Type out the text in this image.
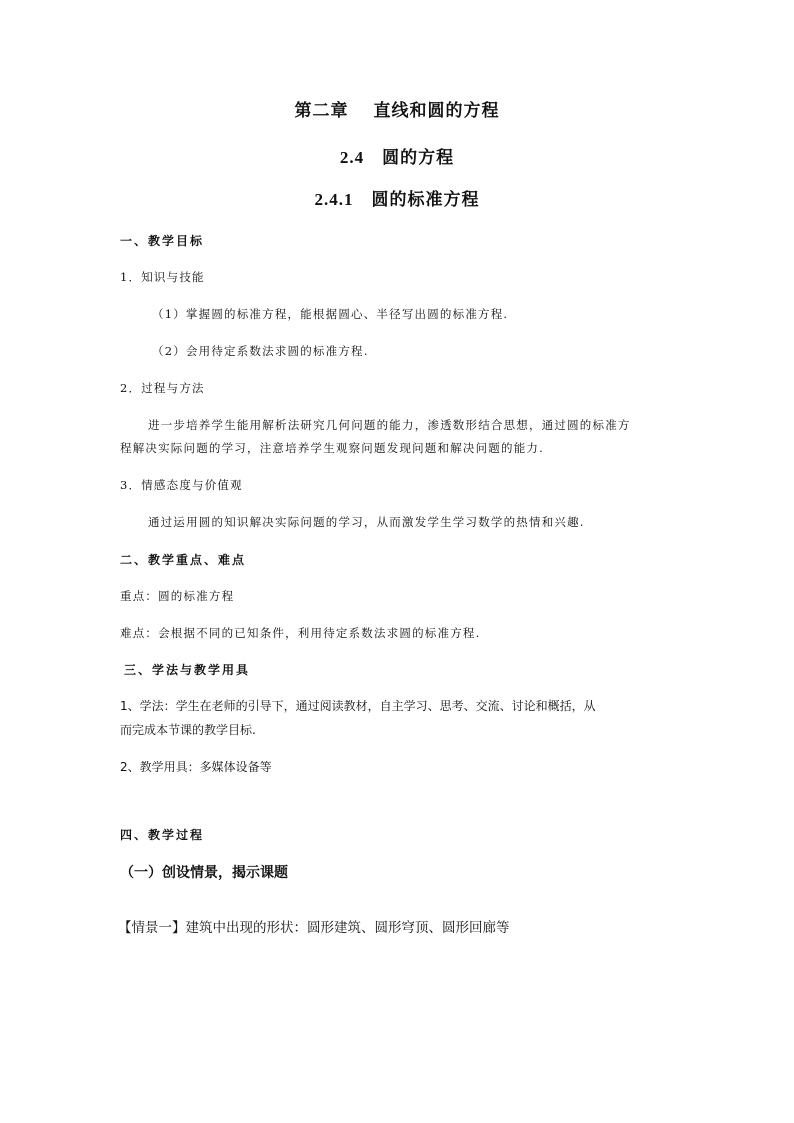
第二章　 直线和圆的方程
2.4 圆的方程
2.4.1 圆的标准方程
一、教学目标
1．知识与技能
（1）掌握圆的标准方程，能根据圆心、半径写出圆的标准方程.
（2）会用待定系数法求圆的标准方程.
2．过程与方法
进一步培养学生能用解析法研究几何问题的能力，渗透数形结合思想，通过圆的标准方
程解决实际问题的学习，注意培养学生观察问题发现问题和解决问题的能力.
3．情感态度与价值观
通过运用圆的知识解决实际问题的学习，从而激发学生学习数学的热情和兴趣.
二、教学重点、难点
重点：圆的标准方程
难点：会根据不同的已知条件，利用待定系数法求圆的标准方程.
三、学法与教学用具
1、学法：学生在老师的引导下，通过阅读教材，自主学习、思考、交流、讨论和概括，从
而完成本节课的教学目标.
2、教学用具：多媒体设备等
四、教学过程
（一）创设情景，揭示课题
【情景一】建筑中出现的形状：圆形建筑、圆形穹顶、圆形回廊等
